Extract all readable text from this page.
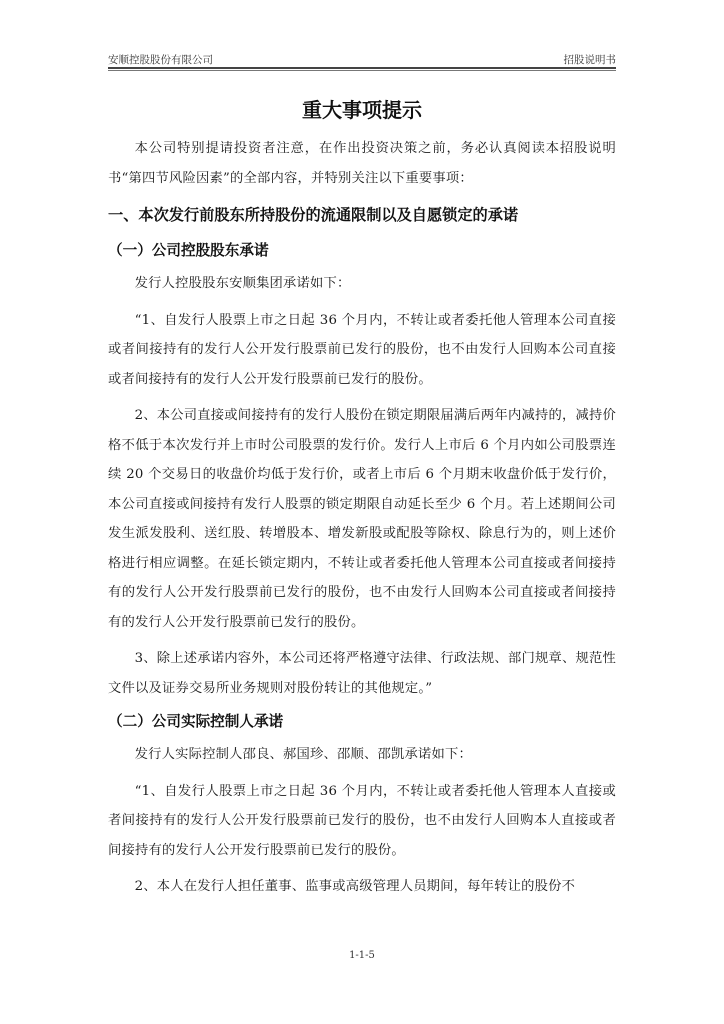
安顺控股股份有限公司	招股说明书
重大事项提示

本公司特别提请投资者注意，在作出投资决策之前，务必认真阅读本招股说明书“第四节风险因素”的全部内容，并特别关注以下重要事项：

一、本次发行前股东所持股份的流通限制以及自愿锁定的承诺
（一）公司控股股东承诺

发行人控股股东安顺集团承诺如下：

“1、自发行人股票上市之日起 36 个月内，不转让或者委托他人管理本公司直接或者间接持有的发行人公开发行股票前已发行的股份，也不由发行人回购本公司直接或者间接持有的发行人公开发行股票前已发行的股份。

2、本公司直接或间接持有的发行人股份在锁定期限届满后两年内减持的，减持价格不低于本次发行并上市时公司股票的发行价。发行人上市后 6 个月内如公司股票连续 20 个交易日的收盘价均低于发行价，或者上市后 6 个月期末收盘价低于发行价，本公司直接或间接持有发行人股票的锁定期限自动延长至少 6 个月。若上述期间公司发生派发股利、送红股、转增股本、增发新股或配股等除权、除息行为的，则上述价格进行相应调整。在延长锁定期内，不转让或者委托他人管理本公司直接或者间接持有的发行人公开发行股票前已发行的股份，也不由发行人回购本公司直接或者间接持有的发行人公开发行股票前已发行的股份。

3、除上述承诺内容外，本公司还将严格遵守法律、行政法规、部门规章、规范性文件以及证券交易所业务规则对股份转让的其他规定。”

（二）公司实际控制人承诺

发行人实际控制人邵良、郝国珍、邵顺、邵凯承诺如下：

“1、自发行人股票上市之日起 36 个月内，不转让或者委托他人管理本人直接或者间接持有的发行人公开发行股票前已发行的股份，也不由发行人回购本人直接或者间接持有的发行人公开发行股票前已发行的股份。

2、本人在发行人担任董事、监事或高级管理人员期间，每年转让的股份不

1-1-5
